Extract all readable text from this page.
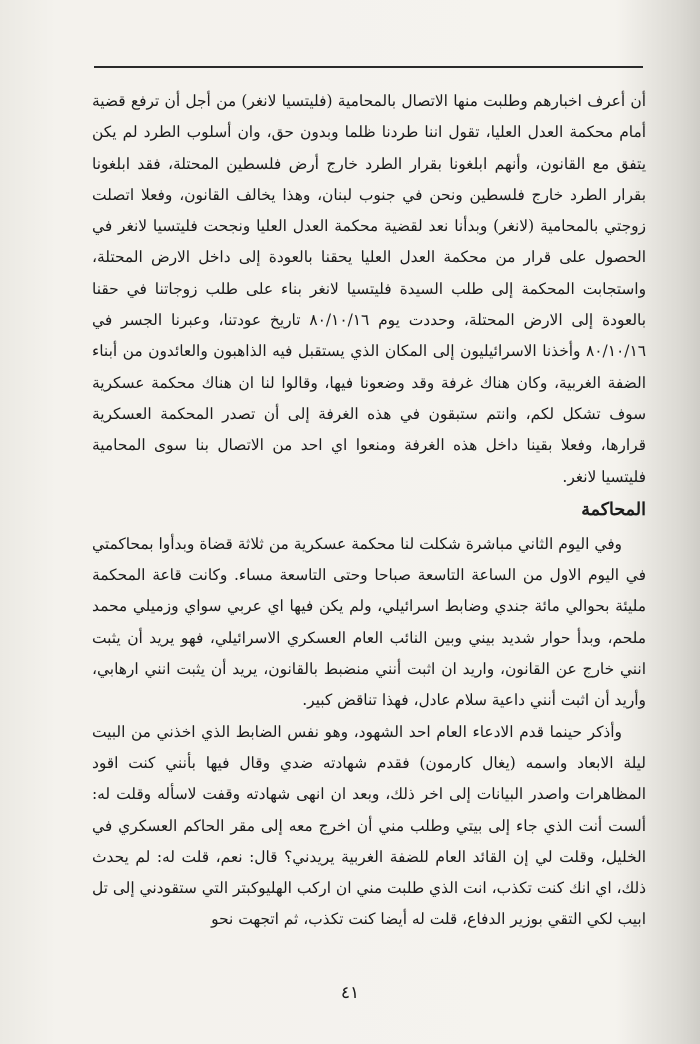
أن أعرف اخبارهم وطلبت منها الاتصال بالمحامية (فليتسيا لانغر) من أجل أن ترفع قضية أمام محكمة العدل العليا، تقول اننا طردنا ظلما وبدون حق، وان أسلوب الطرد لم يكن يتفق مع القانون، وأنهم ابلغونا بقرار الطرد خارج أرض فلسطين المحتلة، فقد ابلغونا بقرار الطرد خارج فلسطين ونحن في جنوب لبنان، وهذا يخالف القانون، وفعلا اتصلت زوجتي بالمحامية (لانغر) وبدأنا نعد لقضية محكمة العدل العليا ونجحت فليتسيا لانغر في الحصول على قرار من محكمة العدل العليا يحقنا بالعودة إلى داخل الارض المحتلة، واستجابت المحكمة إلى طلب السيدة فليتسيا لانغر بناء على طلب زوجاتنا في حقنا بالعودة إلى الارض المحتلة، وحددت يوم ٨٠/١٠/١٦ تاريخ عودتنا، وعبرنا الجسر في ٨٠/١٠/١٦ وأخذنا الاسرائيليون إلى المكان الذي يستقبل فيه الذاهبون والعائدون من أبناء الضفة الغربية، وكان هناك غرفة وقد وضعونا فيها، وقالوا لنا ان هناك محكمة عسكرية سوف تشكل لكم، وانتم ستبقون في هذه الغرفة إلى أن تصدر المحكمة العسكرية قرارها، وفعلا بقينا داخل هذه الغرفة ومنعوا اي احد من الاتصال بنا سوى المحامية فليتسيا لانغر.

المحاكمة

وفي اليوم الثاني مباشرة شكلت لنا محكمة عسكرية من ثلاثة قضاة وبدأوا بمحاكمتي في اليوم الاول من الساعة التاسعة صباحا وحتى التاسعة مساء. وكانت قاعة المحكمة مليئة بحوالي مائة جندي وضابط اسرائيلي، ولم يكن فيها اي عربي سواي وزميلي محمد ملحم، وبدأ حوار شديد بيني وبين النائب العام العسكري الاسرائيلي، فهو يريد أن يثبت انني خارج عن القانون، واريد ان اثبت أنني منضبط بالقانون، يريد أن يثبت انني ارهابي، وأريد أن اثبت أنني داعية سلام عادل، فهذا تناقض كبير.

وأذكر حينما قدم الادعاء العام احد الشهود، وهو نفس الضابط الذي اخذني من البيت ليلة الابعاد واسمه (يغال كارمون) فقدم شهادته ضدي وقال فيها بأنني كنت اقود المظاهرات واصدر البيانات إلى اخر ذلك، وبعد ان انهى شهادته وقفت لاسأله وقلت له: ألست أنت الذي جاء إلى بيتي وطلب مني أن اخرج معه إلى مقر الحاكم العسكري في الخليل، وقلت لي إن القائد العام للضفة الغربية يريدني؟ قال: نعم، قلت له: لم يحدث ذلك، اي انك كنت تكذب، انت الذي طلبت مني ان اركب الهليوكبتر التي ستقودني إلى تل ابيب لكي التقي بوزير الدفاع، قلت له أيضا كنت تكذب، ثم اتجهت نحو

٤١
